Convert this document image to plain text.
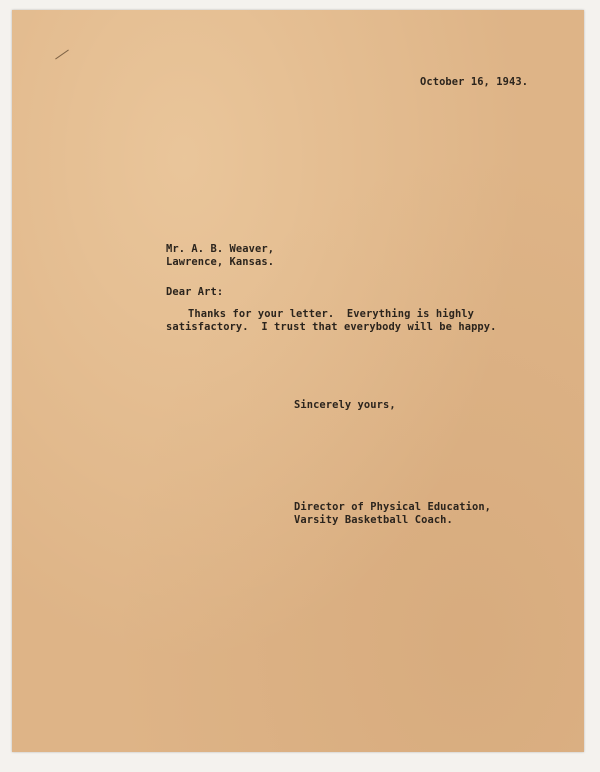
October 16, 1943.

Mr. A. B. Weaver,

Lawrence, Kansas.

Dear Art:

Thanks for your letter.  Everything is highly

satisfactory.  I trust that everybody will be happy.

Sincerely yours,

Director of Physical Education,

Varsity Basketball Coach.
